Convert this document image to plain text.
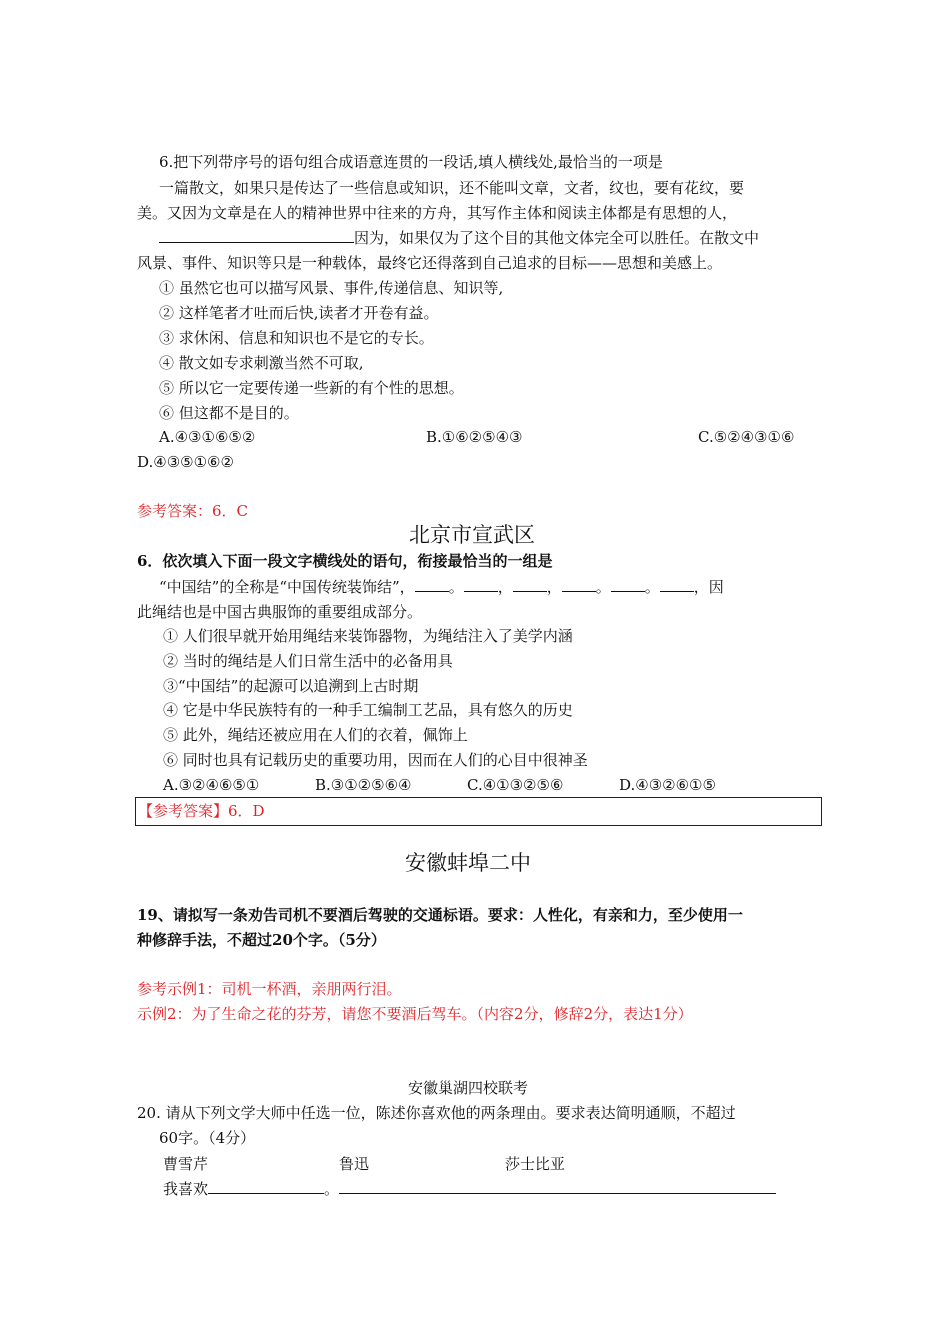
6.把下列带序号的语句组合成语意连贯的一段话,填人横线处,最恰当的一项是
一篇散文，如果只是传达了一些信息或知识，还不能叫文章，文者，纹也，要有花纹，要
美。又因为文章是在人的精神世界中往来的方舟，其写作主体和阅读主体都是有思想的人，
因为，如果仅为了这个目的其他文体完全可以胜任。在散文中
风景、事件、知识等只是一种载体，最终它还得落到自己追求的目标——思想和美感上。
① 虽然它也可以描写风景、事件,传递信息、知识等,
② 这样笔者才吐而后快,读者才开卷有益。
③ 求休闲、信息和知识也不是它的专长。
④ 散文如专求刺激当然不可取,
⑤ 所以它一定要传递一些新的有个性的思想。
⑥ 但这都不是目的。
A.④③①⑥⑤②	B.①⑥②⑤④③	C.⑤②④③①⑥
D.④③⑤①⑥②
参考答案：6．C
北京市宣武区
6．依次填入下面一段文字横线处的语句，衔接最恰当的一组是
“中国结”的全称是“中国传统装饰结”， 。 ， ， 。 。 ，因
此绳结也是中国古典服饰的重要组成部分。
① 人们很早就开始用绳结来装饰器物，为绳结注入了美学内涵
② 当时的绳结是人们日常生活中的必备用具
③“中国结”的起源可以追溯到上古时期
④ 它是中华民族特有的一种手工编制工艺品，具有悠久的历史
⑤ 此外，绳结还被应用在人们的衣着，佩饰上
⑥ 同时也具有记载历史的重要功用，因而在人们的心目中很神圣
A.③②④⑥⑤①	B.③①②⑤⑥④	C.④①③②⑤⑥	D.④③②⑥①⑤
【参考答案】6．D
安徽蚌埠二中
19、请拟写一条劝告司机不要酒后驾驶的交通标语。要求：人性化，有亲和力，至少使用一
种修辞手法，不超过20个字。（5分）
参考示例1：司机一杯酒，亲朋两行泪。
示例2：为了生命之花的芬芳，请您不要酒后驾车。（内容2分，修辞2分，表达1分）
安徽巢湖四校联考
20. 请从下列文学大师中任选一位，陈述你喜欢他的两条理由。要求表达简明通顺，不超过
60字。（4分）
曹雪芹	鲁迅	莎士比亚
我喜欢	。
